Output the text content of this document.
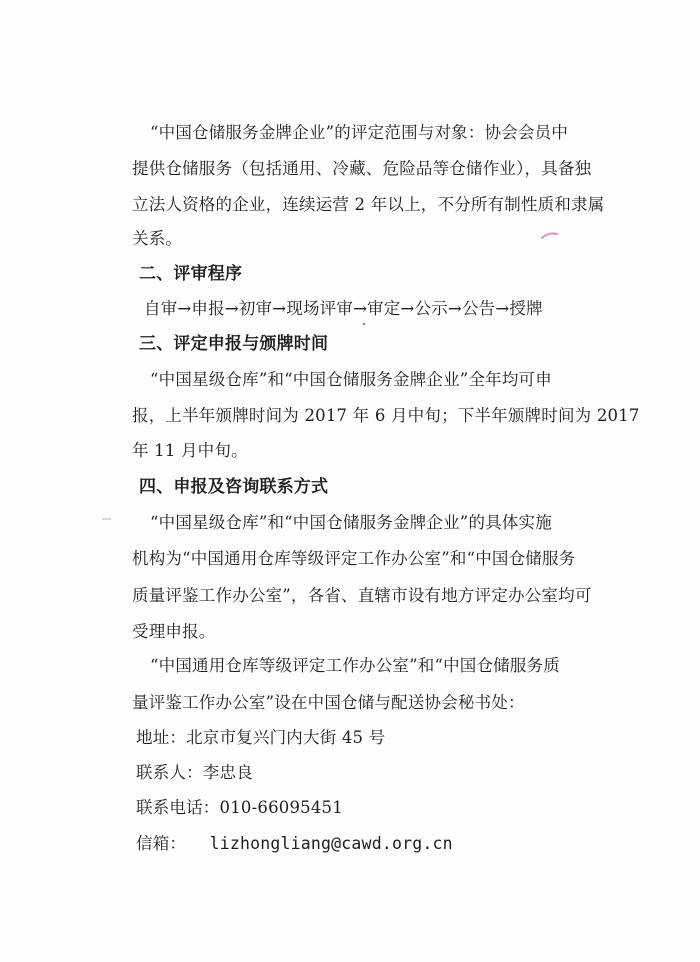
“中国仓储服务金牌企业”的评定范围与对象：协会会员中
提供仓储服务（包括通用、冷藏、危险品等仓储作业），具备独
立法人资格的企业，连续运营 2 年以上，不分所有制性质和隶属
关系。
二、评审程序
自审→申报→初审→现场评审→审定→公示→公告→授牌
三、评定申报与颁牌时间
“中国星级仓库”和“中国仓储服务金牌企业”全年均可申
报，上半年颁牌时间为 2017 年 6 月中旬；下半年颁牌时间为 2017
年 11 月中旬。
四、申报及咨询联系方式
“中国星级仓库”和“中国仓储服务金牌企业”的具体实施
机构为“中国通用仓库等级评定工作办公室”和“中国仓储服务
质量评鉴工作办公室”，各省、直辖市设有地方评定办公室均可
受理申报。
“中国通用仓库等级评定工作办公室”和“中国仓储服务质
量评鉴工作办公室”设在中国仓储与配送协会秘书处：
地址：北京市复兴门内大街 45 号
联系人：李忠良
联系电话：010-66095451
信箱： lizhongliang@cawd.org.cn
